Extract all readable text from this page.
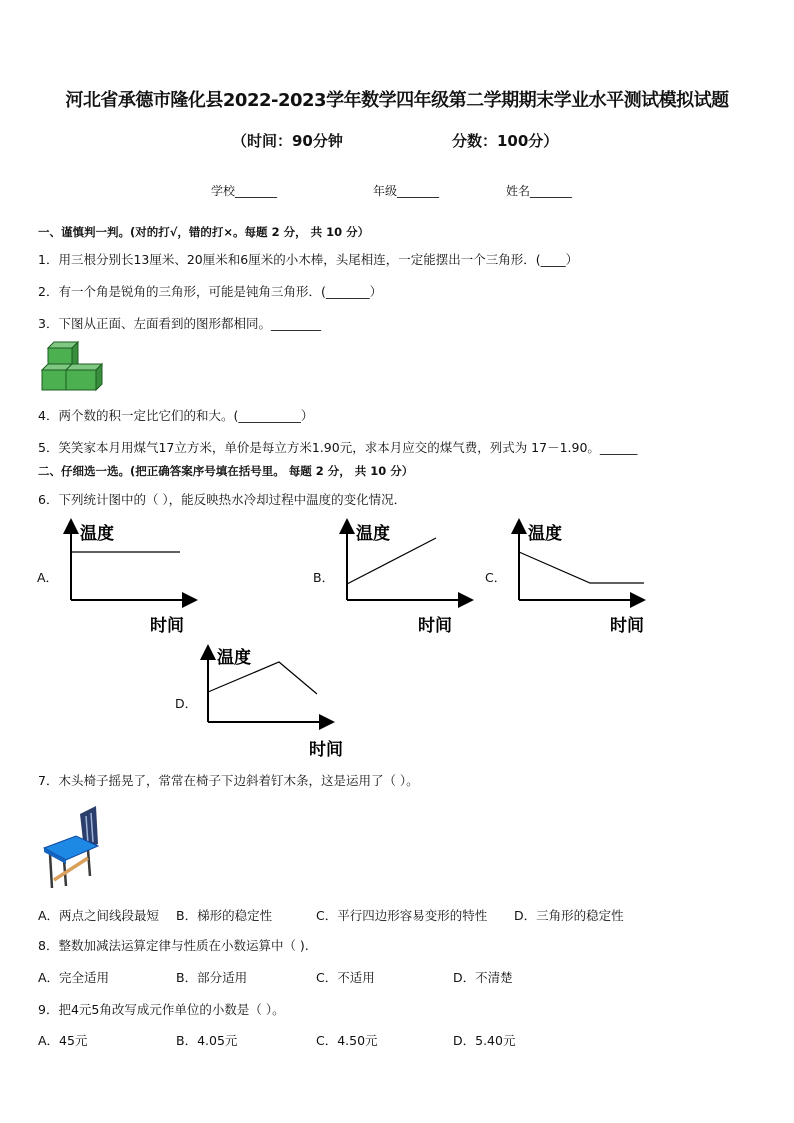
河北省承德市隆化县2022-2023学年数学四年级第二学期期末学业水平测试模拟试题
（时间：90分钟	分数：100分）
学校_______	年级_______	姓名_______
一、谨慎判一判。(对的打√，错的打×。每题 2 分， 共 10 分）
1．用三根分别长13厘米、20厘米和6厘米的小木棒，头尾相连，一定能摆出一个三角形．(____）
2．有一个角是锐角的三角形，可能是钝角三角形．(_______）
3．下图从正面、左面看到的图形都相同。________
4．两个数的积一定比它们的和大。(__________）
5．笑笑家本月用煤气17立方米，单价是每立方米1.90元，求本月应交的煤气费，列式为 17－1.90。______
二、仔细选一选。(把正确答案序号填在括号里。 每题 2 分， 共 10 分）
6．下列统计图中的（ ），能反映热水冷却过程中温度的变化情况．
A．
温度
时间
B．
温度
时间
C．
温度
时间
D．
温度
时间
7．木头椅子摇晃了，常常在椅子下边斜着钉木条，这是运用了（ ）。
A．两点之间线段最短 B．梯形的稳定性	C．平行四边形容易变形的特性 D．三角形的稳定性
8．整数加减法运算定律与性质在小数运算中（ ).
A．完全适用	B．部分适用	C．不适用	D．不清楚
9．把4元5角改写成元作单位的小数是（ ）。
A．45元	B．4.05元	C．4.50元	D．5.40元
